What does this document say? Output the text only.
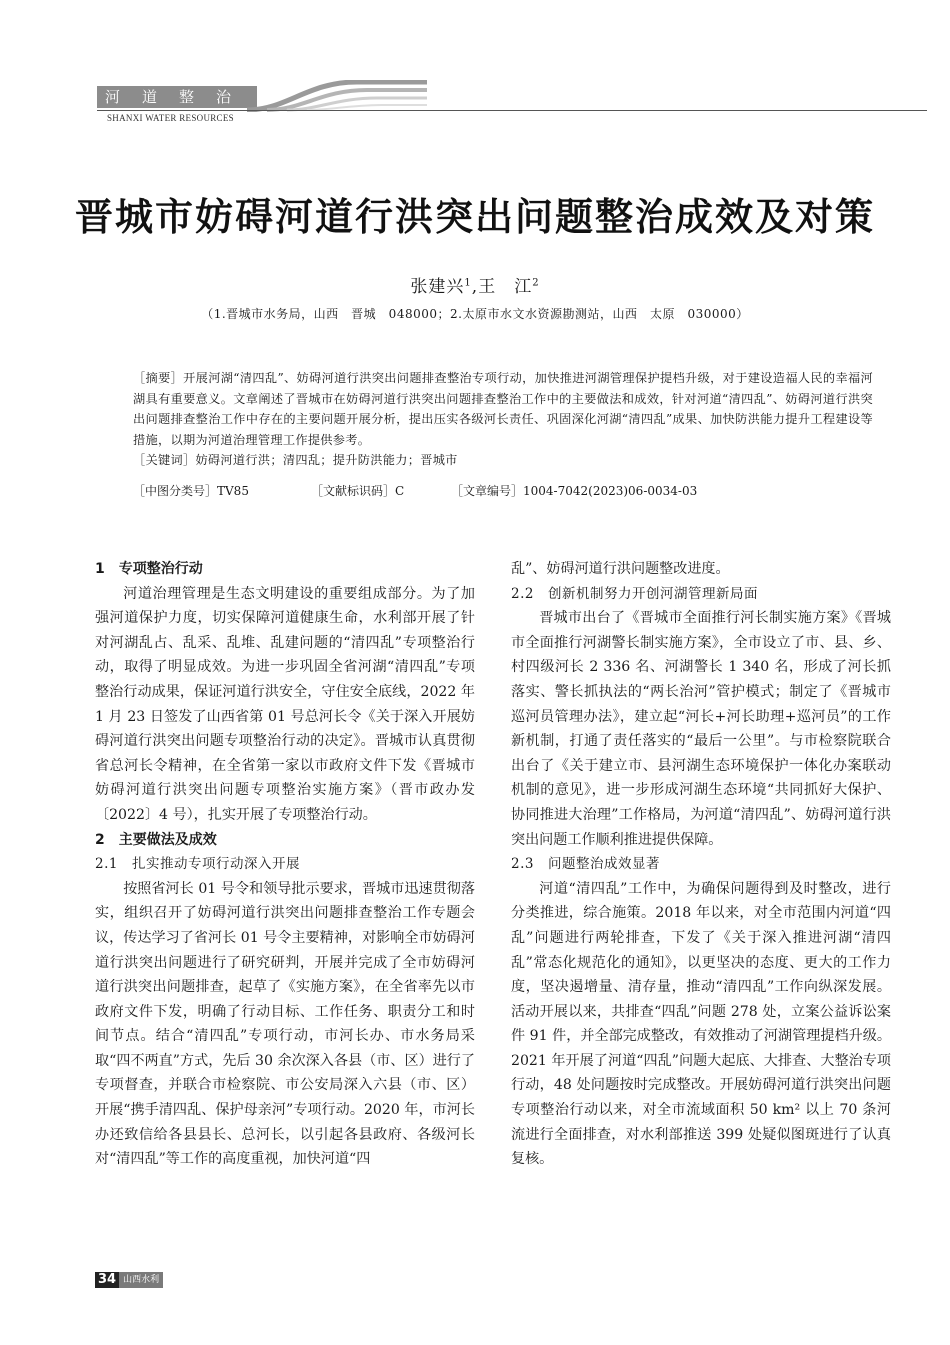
河道整治
SHANXI WATER RESOURCES
晋城市妨碍河道行洪突出问题整治成效及对策
张建兴$^1$,王　江$^2$
（1.晋城市水务局，山西　晋城　048000；2.太原市水文水资源勘测站，山西　太原　030000）
［摘要］开展河湖“清四乱”、妨碍河道行洪突出问题排查整治专项行动，加快推进河湖管理保护提档升级，对于建设造福人民的幸福河湖具有重要意义。文章阐述了晋城市在妨碍河道行洪突出问题排查整治工作中的主要做法和成效，针对河道“清四乱”、妨碍河道行洪突出问题排查整治工作中存在的主要问题开展分析，提出压实各级河长责任、巩固深化河湖“清四乱”成果、加快防洪能力提升工程建设等措施，以期为河道治理管理工作提供参考。
［关键词］妨碍河道行洪；清四乱；提升防洪能力；晋城市
［中图分类号］TV85	［文献标识码］C	［文章编号］1004-7042(2023)06-0034-03

1　专项整治行动

河道治理管理是生态文明建设的重要组成部分。为了加强河道保护力度，切实保障河道健康生命，水利部开展了针对河湖乱占、乱采、乱堆、乱建问题的“清四乱”专项整治行动，取得了明显成效。为进一步巩固全省河湖“清四乱”专项整治行动成果，保证河道行洪安全，守住安全底线，2022 年 1 月 23 日签发了山西省第 01 号总河长令《关于深入开展妨碍河道行洪突出问题专项整治行动的决定》。晋城市认真贯彻省总河长令精神，在全省第一家以市政府文件下发《晋城市妨碍河道行洪突出问题专项整治实施方案》（晋市政办发〔2022〕4 号），扎实开展了专项整治行动。

2　主要做法及成效

2.1　扎实推动专项行动深入开展

按照省河长 01 号令和领导批示要求，晋城市迅速贯彻落实，组织召开了妨碍河道行洪突出问题排查整治工作专题会议，传达学习了省河长 01 号令主要精神，对影响全市妨碍河道行洪突出问题进行了研究研判，开展并完成了全市妨碍河道行洪突出问题排查，起草了《实施方案》，在全省率先以市政府文件下发，明确了行动目标、工作任务、职责分工和时间节点。结合“清四乱”专项行动，市河长办、市水务局采取“四不两直”方式，先后 30 余次深入各县（市、区）进行了专项督查，并联合市检察院、市公安局深入六县（市、区）开展“携手清四乱、保护母亲河”专项行动。2020 年，市河长办还致信给各县县长、总河长，以引起各县政府、各级河长对“清四乱”等工作的高度重视，加快河道“四

乱”、妨碍河道行洪问题整改进度。

2.2　创新机制努力开创河湖管理新局面

晋城市出台了《晋城市全面推行河长制实施方案》《晋城市全面推行河湖警长制实施方案》，全市设立了市、县、乡、村四级河长 2 336 名、河湖警长 1 340 名，形成了河长抓落实、警长抓执法的“两长治河”管护模式；制定了《晋城市巡河员管理办法》，建立起“河长+河长助理+巡河员”的工作新机制，打通了责任落实的“最后一公里”。与市检察院联合出台了《关于建立市、县河湖生态环境保护一体化办案联动机制的意见》，进一步形成河湖生态环境“共同抓好大保护、协同推进大治理”工作格局，为河道“清四乱”、妨碍河道行洪突出问题工作顺利推进提供保障。

2.3　问题整治成效显著

河道“清四乱”工作中，为确保问题得到及时整改，进行分类推进，综合施策。2018 年以来，对全市范围内河道“四乱”问题进行两轮排查，下发了《关于深入推进河湖“清四乱”常态化规范化的通知》，以更坚决的态度、更大的工作力度，坚决遏增量、清存量，推动“清四乱”工作向纵深发展。活动开展以来，共排查“四乱”问题 278 处，立案公益诉讼案件 91 件，并全部完成整改，有效推动了河湖管理提档升级。2021 年开展了河道“四乱”问题大起底、大排查、大整治专项行动，48 处问题按时完成整改。开展妨碍河道行洪突出问题专项整治行动以来，对全市流域面积 50 km² 以上 70 条河流进行全面排查，对水利部推送 399 处疑似图斑进行了认真复核。

34 山西水利
